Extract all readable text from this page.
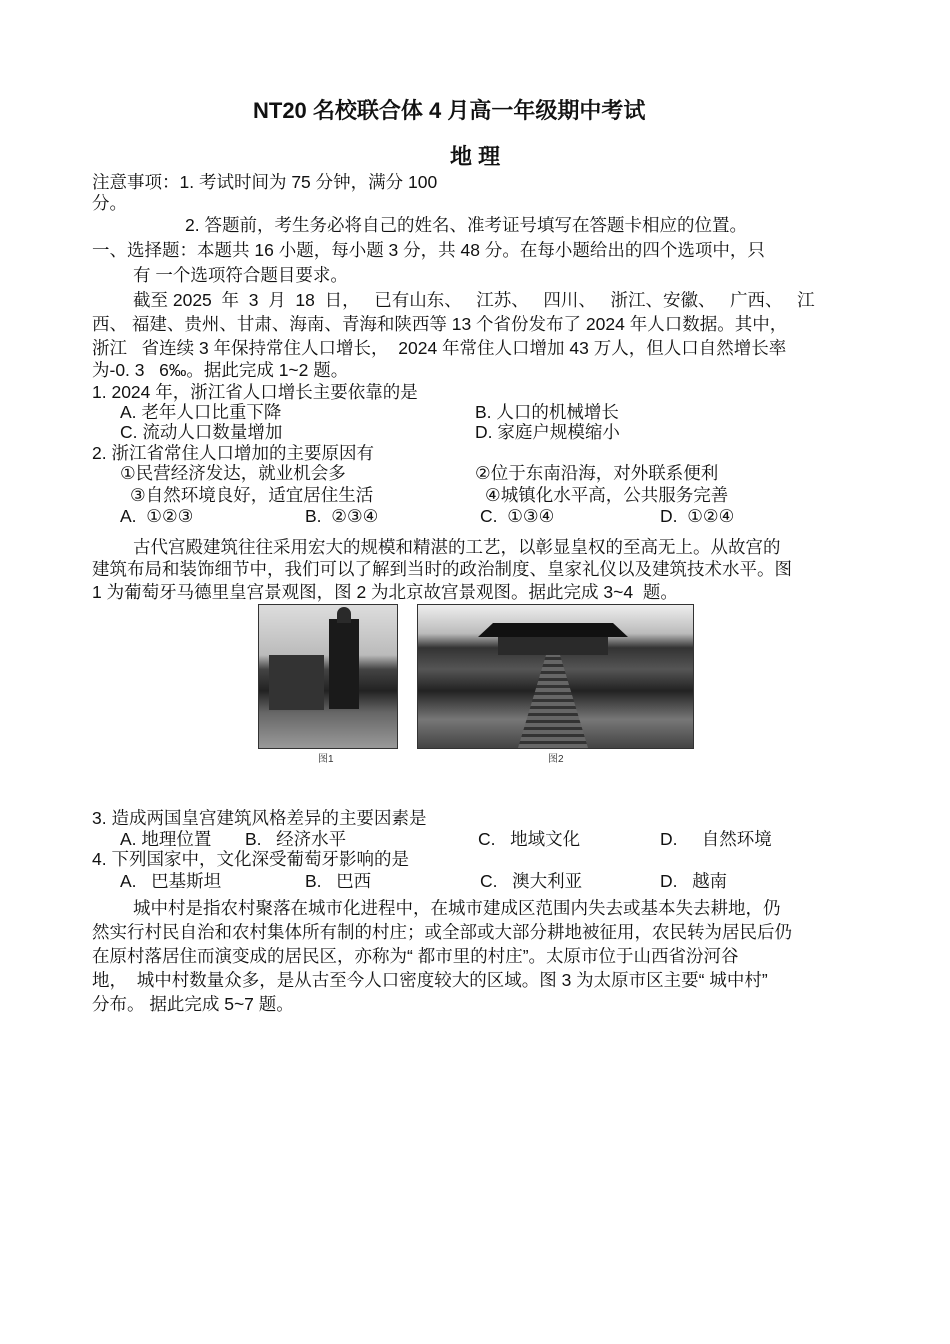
NT20 名校联合体 4 月高一年级期中考试
地 理
注意事项：1. 考试时间为 75 分钟，满分 100
分。
2. 答题前，考生务必将自己的姓名、准考证号填写在答题卡相应的位置。
一、选择题：本题共 16 小题，每小题 3 分，共 48 分。在每小题给出的四个选项中，只
有 一个选项符合题目要求。
截至 2025  年  3  月  18  日，   已有山东、   江苏、   四川、   浙江、安徽、   广西、   江
西、 福建、贵州、甘肃、海南、青海和陕西等 13 个省份发布了 2024 年人口数据。其中，
浙江   省连续 3 年保持常住人口增长，  2024 年常住人口增加 43 万人，但人口自然增长率
为-0. 3   6‰。据此完成 1~2 题。
1. 2024 年，浙江省人口增长主要依靠的是
A. 老年人口比重下降	B. 人口的机械增长
C. 流动人口数量增加	D. 家庭户规模缩小
2. 浙江省常住人口增加的主要原因有
①民营经济发达，就业机会多	②位于东南沿海，对外联系便利
③自然环境良好，适宜居住生活	④城镇化水平高，公共服务完善
A.  ①②③	B.  ②③④	C.  ①③④	D.  ①②④
古代宫殿建筑往往采用宏大的规模和精湛的工艺，以彰显皇权的至高无上。从故宫的
建筑布局和装饰细节中，我们可以了解到当时的政治制度、皇家礼仪以及建筑技术水平。图
1 为葡萄牙马德里皇宫景观图，图 2 为北京故宫景观图。据此完成 3~4  题。
图1	图2
3. 造成两国皇宫建筑风格差异的主要因素是
A. 地理位置 B.   经济水平	C.   地域文化	D.     自然环境
4. 下列国家中，文化深受葡萄牙影响的是
A.   巴基斯坦	B.   巴西	C.   澳大利亚	D.   越南
城中村是指农村聚落在城市化进程中，在城市建成区范围内失去或基本失去耕地，仍
然实行村民自治和农村集体所有制的村庄；或全部或大部分耕地被征用，农民转为居民后仍
在原村落居住而演变成的居民区，亦称为“ 都市里的村庄”。太原市位于山西省汾河谷
地，  城中村数量众多，是从古至今人口密度较大的区域。图 3 为太原市区主要“ 城中村”
分布。 据此完成 5~7 题。
